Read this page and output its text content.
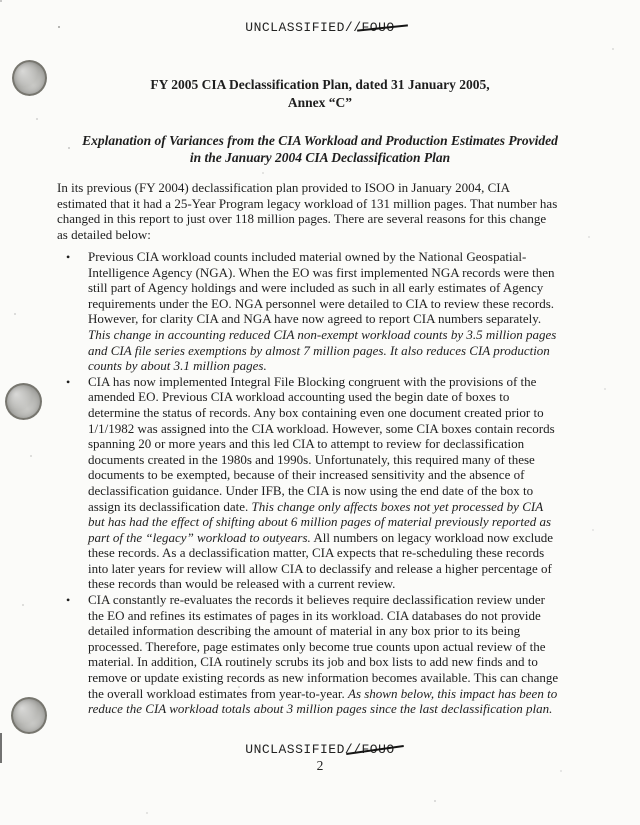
UNCLASSIFIED//FOUO
FY 2005 CIA Declassification Plan, dated 31 January 2005,
Annex “C”
Explanation of Variances from the CIA Workload and Production Estimates Provided
in the January 2004 CIA Declassification Plan
In its previous (FY 2004) declassification plan provided to ISOO in January 2004, CIA estimated that it had a 25-Year Program legacy workload of 131 million pages. That number has changed in this report to just over 118 million pages. There are several reasons for this change as detailed below:
•	Previous CIA workload counts included material owned by the National Geospatial-Intelligence Agency (NGA). When the EO was first implemented NGA records were then still part of Agency holdings and were included as such in all early estimates of Agency requirements under the EO. NGA personnel were detailed to CIA to review these records. However, for clarity CIA and NGA have now agreed to report CIA numbers separately. This change in accounting reduced CIA non-exempt workload counts by 3.5 million pages and CIA file series exemptions by almost 7 million pages. It also reduces CIA production counts by about 3.1 million pages.
•	CIA has now implemented Integral File Blocking congruent with the provisions of the amended EO. Previous CIA workload accounting used the begin date of boxes to determine the status of records. Any box containing even one document created prior to 1/1/1982 was assigned into the CIA workload. However, some CIA boxes contain records spanning 20 or more years and this led CIA to attempt to review for declassification documents created in the 1980s and 1990s. Unfortunately, this required many of these documents to be exempted, because of their increased sensitivity and the absence of declassification guidance. Under IFB, the CIA is now using the end date of the box to assign its declassification date. This change only affects boxes not yet processed by CIA but has had the effect of shifting about 6 million pages of material previously reported as part of the “legacy” workload to outyears. All numbers on legacy workload now exclude these records. As a declassification matter, CIA expects that re-scheduling these records into later years for review will allow CIA to declassify and release a higher percentage of these records than would be released with a current review.
•	CIA constantly re-evaluates the records it believes require declassification review under the EO and refines its estimates of pages in its workload. CIA databases do not provide detailed information describing the amount of material in any box prior to its being processed. Therefore, page estimates only become true counts upon actual review of the material. In addition, CIA routinely scrubs its job and box lists to add new finds and to remove or update existing records as new information becomes available. This can change the overall workload estimates from year-to-year. As shown below, this impact has been to reduce the CIA workload totals about 3 million pages since the last declassification plan.
UNCLASSIFIED//FOUO
2
